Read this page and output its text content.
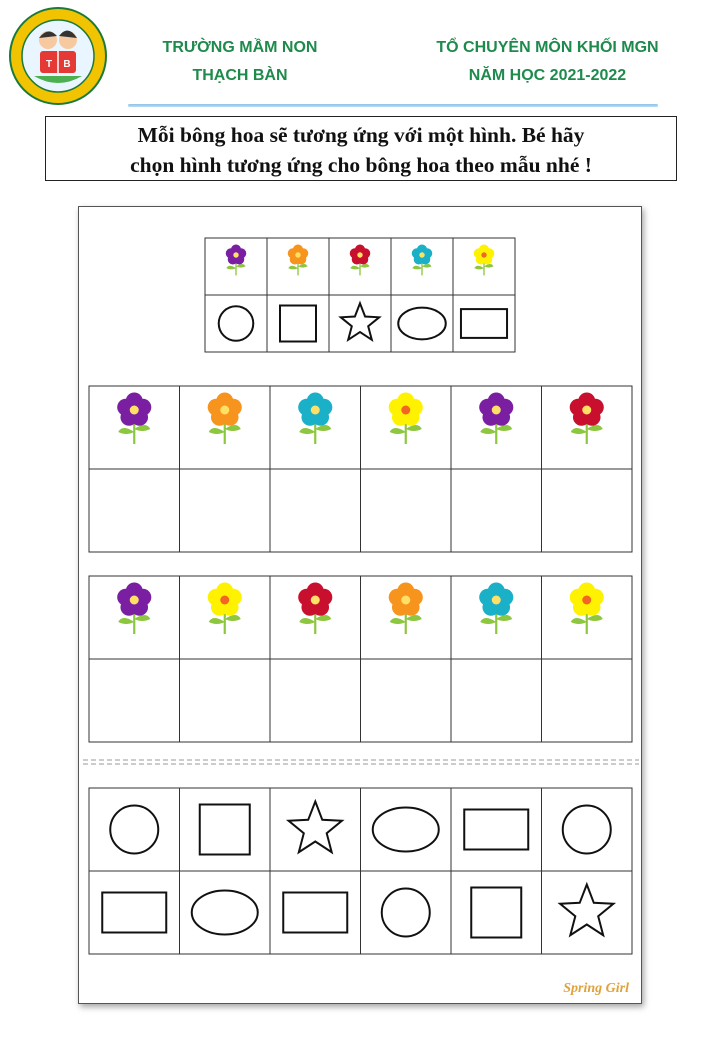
T B
TRƯỜNG MẦM NON
THẠCH BÀN
TỔ CHUYÊN MÔN KHỐI MGN
NĂM HỌC 2021-2022
Mỗi bông hoa sẽ tương ứng với một hình. Bé hãy
chọn hình tương ứng cho bông hoa theo mẫu nhé !
Spring Girl
